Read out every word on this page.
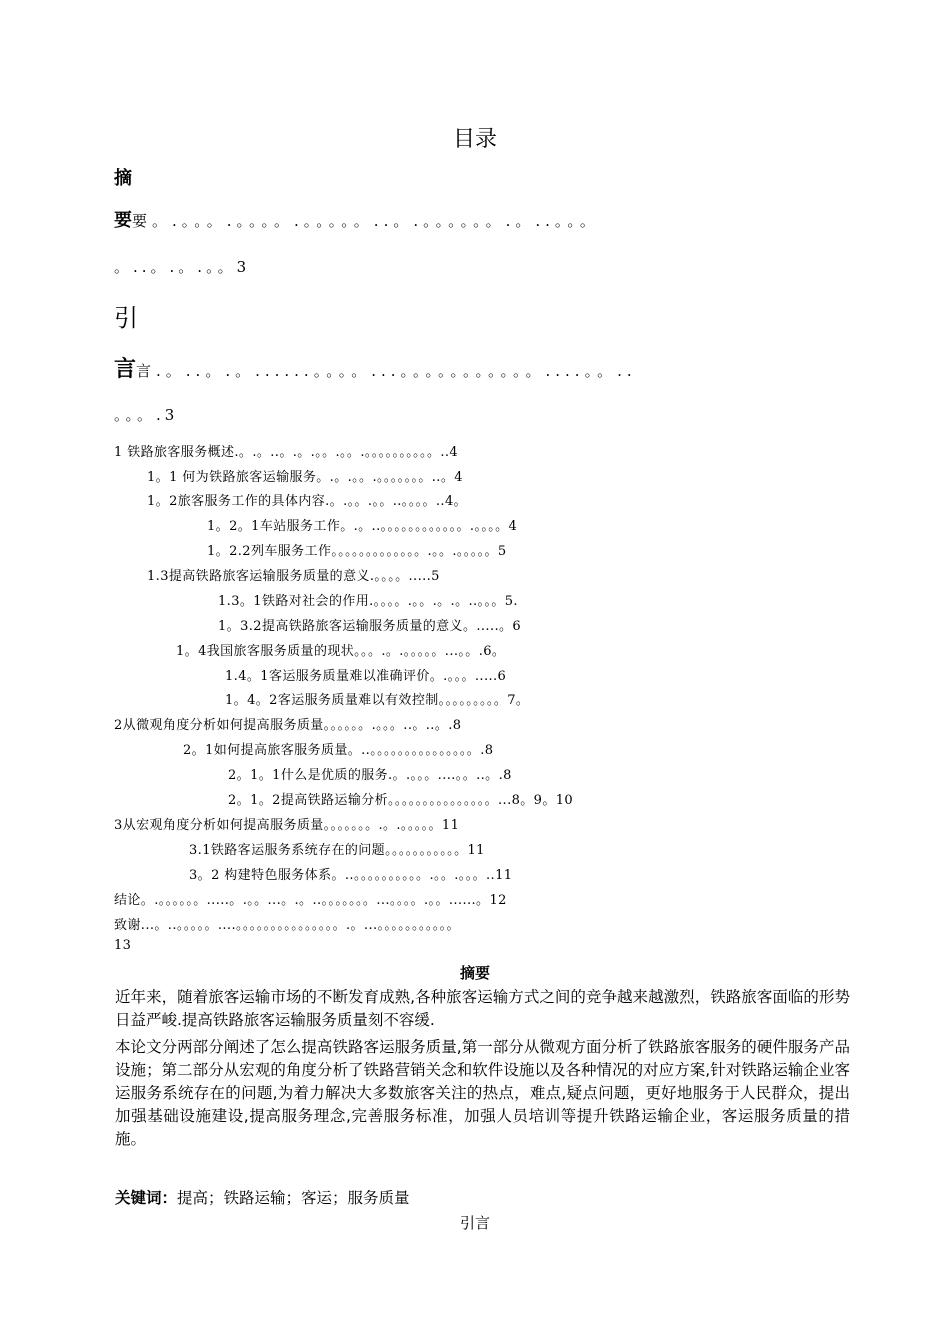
目录
摘
要要。.。。。.。。。。.。。。。。..。.。。。。。。.。..。。。
。..。.。.。。3
引
言言.。..。.。......。。。。...。。。。。。。。。。。....。。..
。。。.3
1 铁路旅客服务概述.。.。..。.。.。。.。。.。。。。。。。。。。..4
1。1 何为铁路旅客运输服务。.。.。。.。。。。。。。..。4
1。2旅客服务工作的具体内容.。.。。.。。..。。。。..4。
1。2。1车站服务工作。.。..。。。。。。。。。。。。.。。。。4
1。2.2列车服务工作。。。。。。。。。。。。。.。。.。。。。。5
1.3提高铁路旅客运输服务质量的意义.。。。。.....5
1.3。1铁路对社会的作用.。。。。.。。.。.。..。。。5.
1。3.2提高铁路旅客运输服务质量的意义。.....。6
1。4我国旅客服务质量的现状。。。.。.。。。。。...。。.6。
1.4。1客运服务质量难以准确评价。.。。。.....6
1。4。2客运服务质量难以有效控制。。。。。。。。。7。
2从微观角度分析如何提高服务质量。。。。。。.。。。..。..。.8
2。1如何提高旅客服务质量。..。。。。。。。。。。。。。。。.8
2。1。1什么是优质的服务.。.。。。....。。..。.8
2。1。2提高铁路运输分析。。。。。。。。。。。。。。。...8。9。10
3从宏观角度分析如何提高服务质量。。。。。。。.。.。。。。。11
3.1铁路客运服务系统存在的问题。。。。。。。。。。。11
3。2 构建特色服务体系。..。。。。。。。。。。.。。.。。。..11
结论。.。。。。。。.....。.。。...。.。..。。。。。。。...。。。。.。。......。12
致谢...。..。。。。。....。。。。。。。。。。。。。。。.。...。。。。。。。。。。。
13
摘要
近年来，随着旅客运输市场的不断发育成熟,各种旅客运输方式之间的竞争越来越激烈，铁路旅客面临的形势日益严峻.提高铁路旅客运输服务质量刻不容缓.
本论文分两部分阐述了怎么提高铁路客运服务质量,第一部分从微观方面分析了铁路旅客服务的硬件服务产品设施；第二部分从宏观的角度分析了铁路营销关念和软件设施以及各种情况的对应方案,针对铁路运输企业客运服务系统存在的问题,为着力解决大多数旅客关注的热点，难点,疑点问题，更好地服务于人民群众，提出加强基础设施建设,提高服务理念,完善服务标准，加强人员培训等提升铁路运输企业，客运服务质量的措施。
关键词：提高；铁路运输；客运；服务质量
引言
